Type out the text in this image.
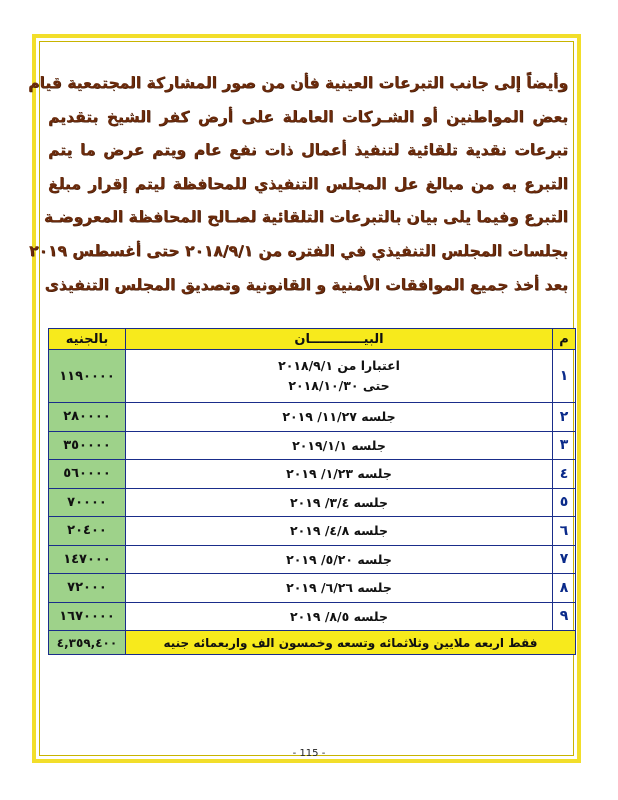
وأيضاً إلى جانب التبرعات العينية فأن من صور المشاركة المجتمعية قيام
بعض المواطنين أو الشـركات العاملة على أرض كفر الشيخ بتقديم
تبرعات نقدية تلقائية لتنفيذ أعمال ذات نفع عام ويتم عرض ما يتم
التبرع به من مبالغ عل المجلس التنفيذي للمحافظة ليتم إقرار مبلغ
التبرع وفيما يلى بيان بالتبرعات التلقائية لصـالح المحافظة المعروضـة
بجلسات المجلس التنفيذي في الفتره من ٢٠١٨/٩/١ حتى أغسطس ٢٠١٩
بعد أخذ جميع الموافقات الأمنية و القانونية وتصديق المجلس التنفيذى
م	البيــــــــــــان	بالجنيه
١	اعتبارا من ٢٠١٨/٩/١
حتى ٢٠١٨/١٠/٣٠	١١٩٠٠٠٠
٢	جلسه ١١/٢٧/ ٢٠١٩	٢٨٠٠٠٠
٣	جلسه ٢٠١٩/١/١	٣٥٠٠٠٠
٤	جلسه ١/٢٣/ ٢٠١٩	٥٦٠٠٠٠
٥	جلسه ٣/٤/ ٢٠١٩	٧٠٠٠٠
٦	جلسه ٤/٨/ ٢٠١٩	٢٠٤٠٠
٧	جلسه ٥/٢٠/ ٢٠١٩	١٤٧٠٠٠
٨	جلسه ٦/٢٦/ ٢٠١٩	٧٢٠٠٠
٩	جلسه ٨/٥/ ٢٠١٩	١٦٧٠٠٠٠
فقط اربعه ملايين وثلاثمائه وتسعه وخمسون الف واربعمائه جنيه		٤,٣٥٩,٤٠٠
- 115 -
